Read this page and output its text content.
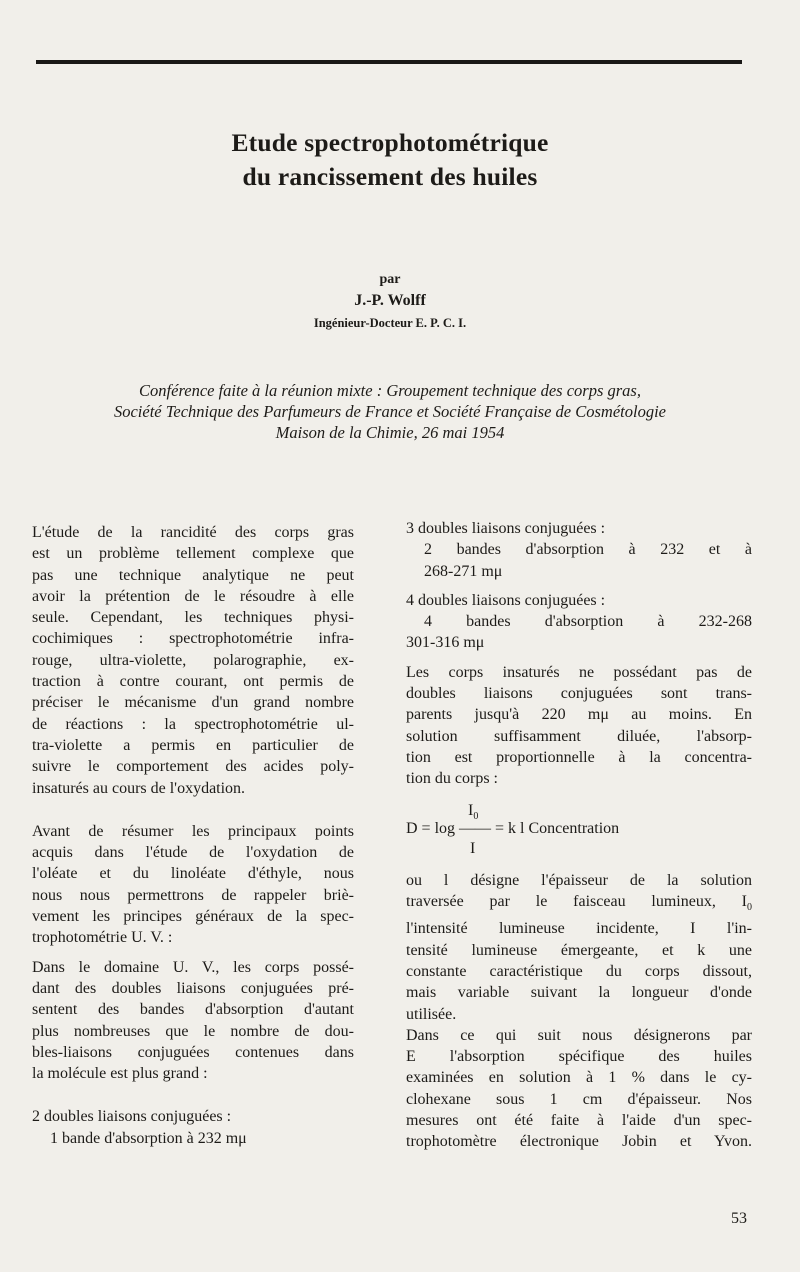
Etude spectrophotométrique
du rancissement des huiles
par
J.-P. Wolff
Ingénieur-Docteur E. P. C. I.
Conférence faite à la réunion mixte : Groupement technique des corps gras,
Société Technique des Parfumeurs de France et Société Française de Cosmétologie
Maison de la Chimie, 26 mai 1954

L'étude de la rancidité des corps gras
est un problème tellement complexe que
pas une technique analytique ne peut
avoir la prétention de le résoudre à elle
seule. Cependant, les techniques physi-
cochimiques : spectrophotométrie infra-
rouge, ultra-violette, polarographie, ex-
traction à contre courant, ont permis de
préciser le mécanisme d'un grand nombre
de réactions : la spectrophotométrie ul-
tra-violette a permis en particulier de
suivre le comportement des acides poly-
insaturés au cours de l'oxydation.

Avant de résumer les principaux points
acquis dans l'étude de l'oxydation de
l'oléate et du linoléate d'éthyle, nous
nous nous permettrons de rappeler briè-
vement les principes généraux de la spec-
trophotométrie U. V. :

Dans le domaine U. V., les corps possé-
dant des doubles liaisons conjuguées pré-
sentent des bandes d'absorption d'autant
plus nombreuses que le nombre de dou-
bles-liaisons conjuguées contenues dans
la molécule est plus grand :

2 doubles liaisons conjuguées :
1 bande d'absorption à 232 mμ

3 doubles liaisons conjuguées :
2 bandes d'absorption à 232 et à
268-271 mμ

4 doubles liaisons conjuguées :
4 bandes d'absorption à 232-268
301-316 mμ

Les corps insaturés ne possédant pas de
doubles liaisons conjuguées sont trans-
parents jusqu'à 220 mμ au moins. En
solution suffisamment diluée, l'absorp-
tion est proportionnelle à la concentra-
tion du corps :

$I_0$
D = log —— = k l Concentration
I

ou l désigne l'épaisseur de la solution
traversée par le faisceau lumineux, $I_0$
l'intensité lumineuse incidente, I l'in-
tensité lumineuse émergeante, et k une
constante caractéristique du corps dissout,
mais variable suivant la longueur d'onde
utilisée.

Dans ce qui suit nous désignerons par
E l'absorption spécifique des huiles
examinées en solution à 1 % dans le cy-
clohexane sous 1 cm d'épaisseur. Nos
mesures ont été faite à l'aide d'un spec-
trophotomètre électronique Jobin et Yvon.

53
